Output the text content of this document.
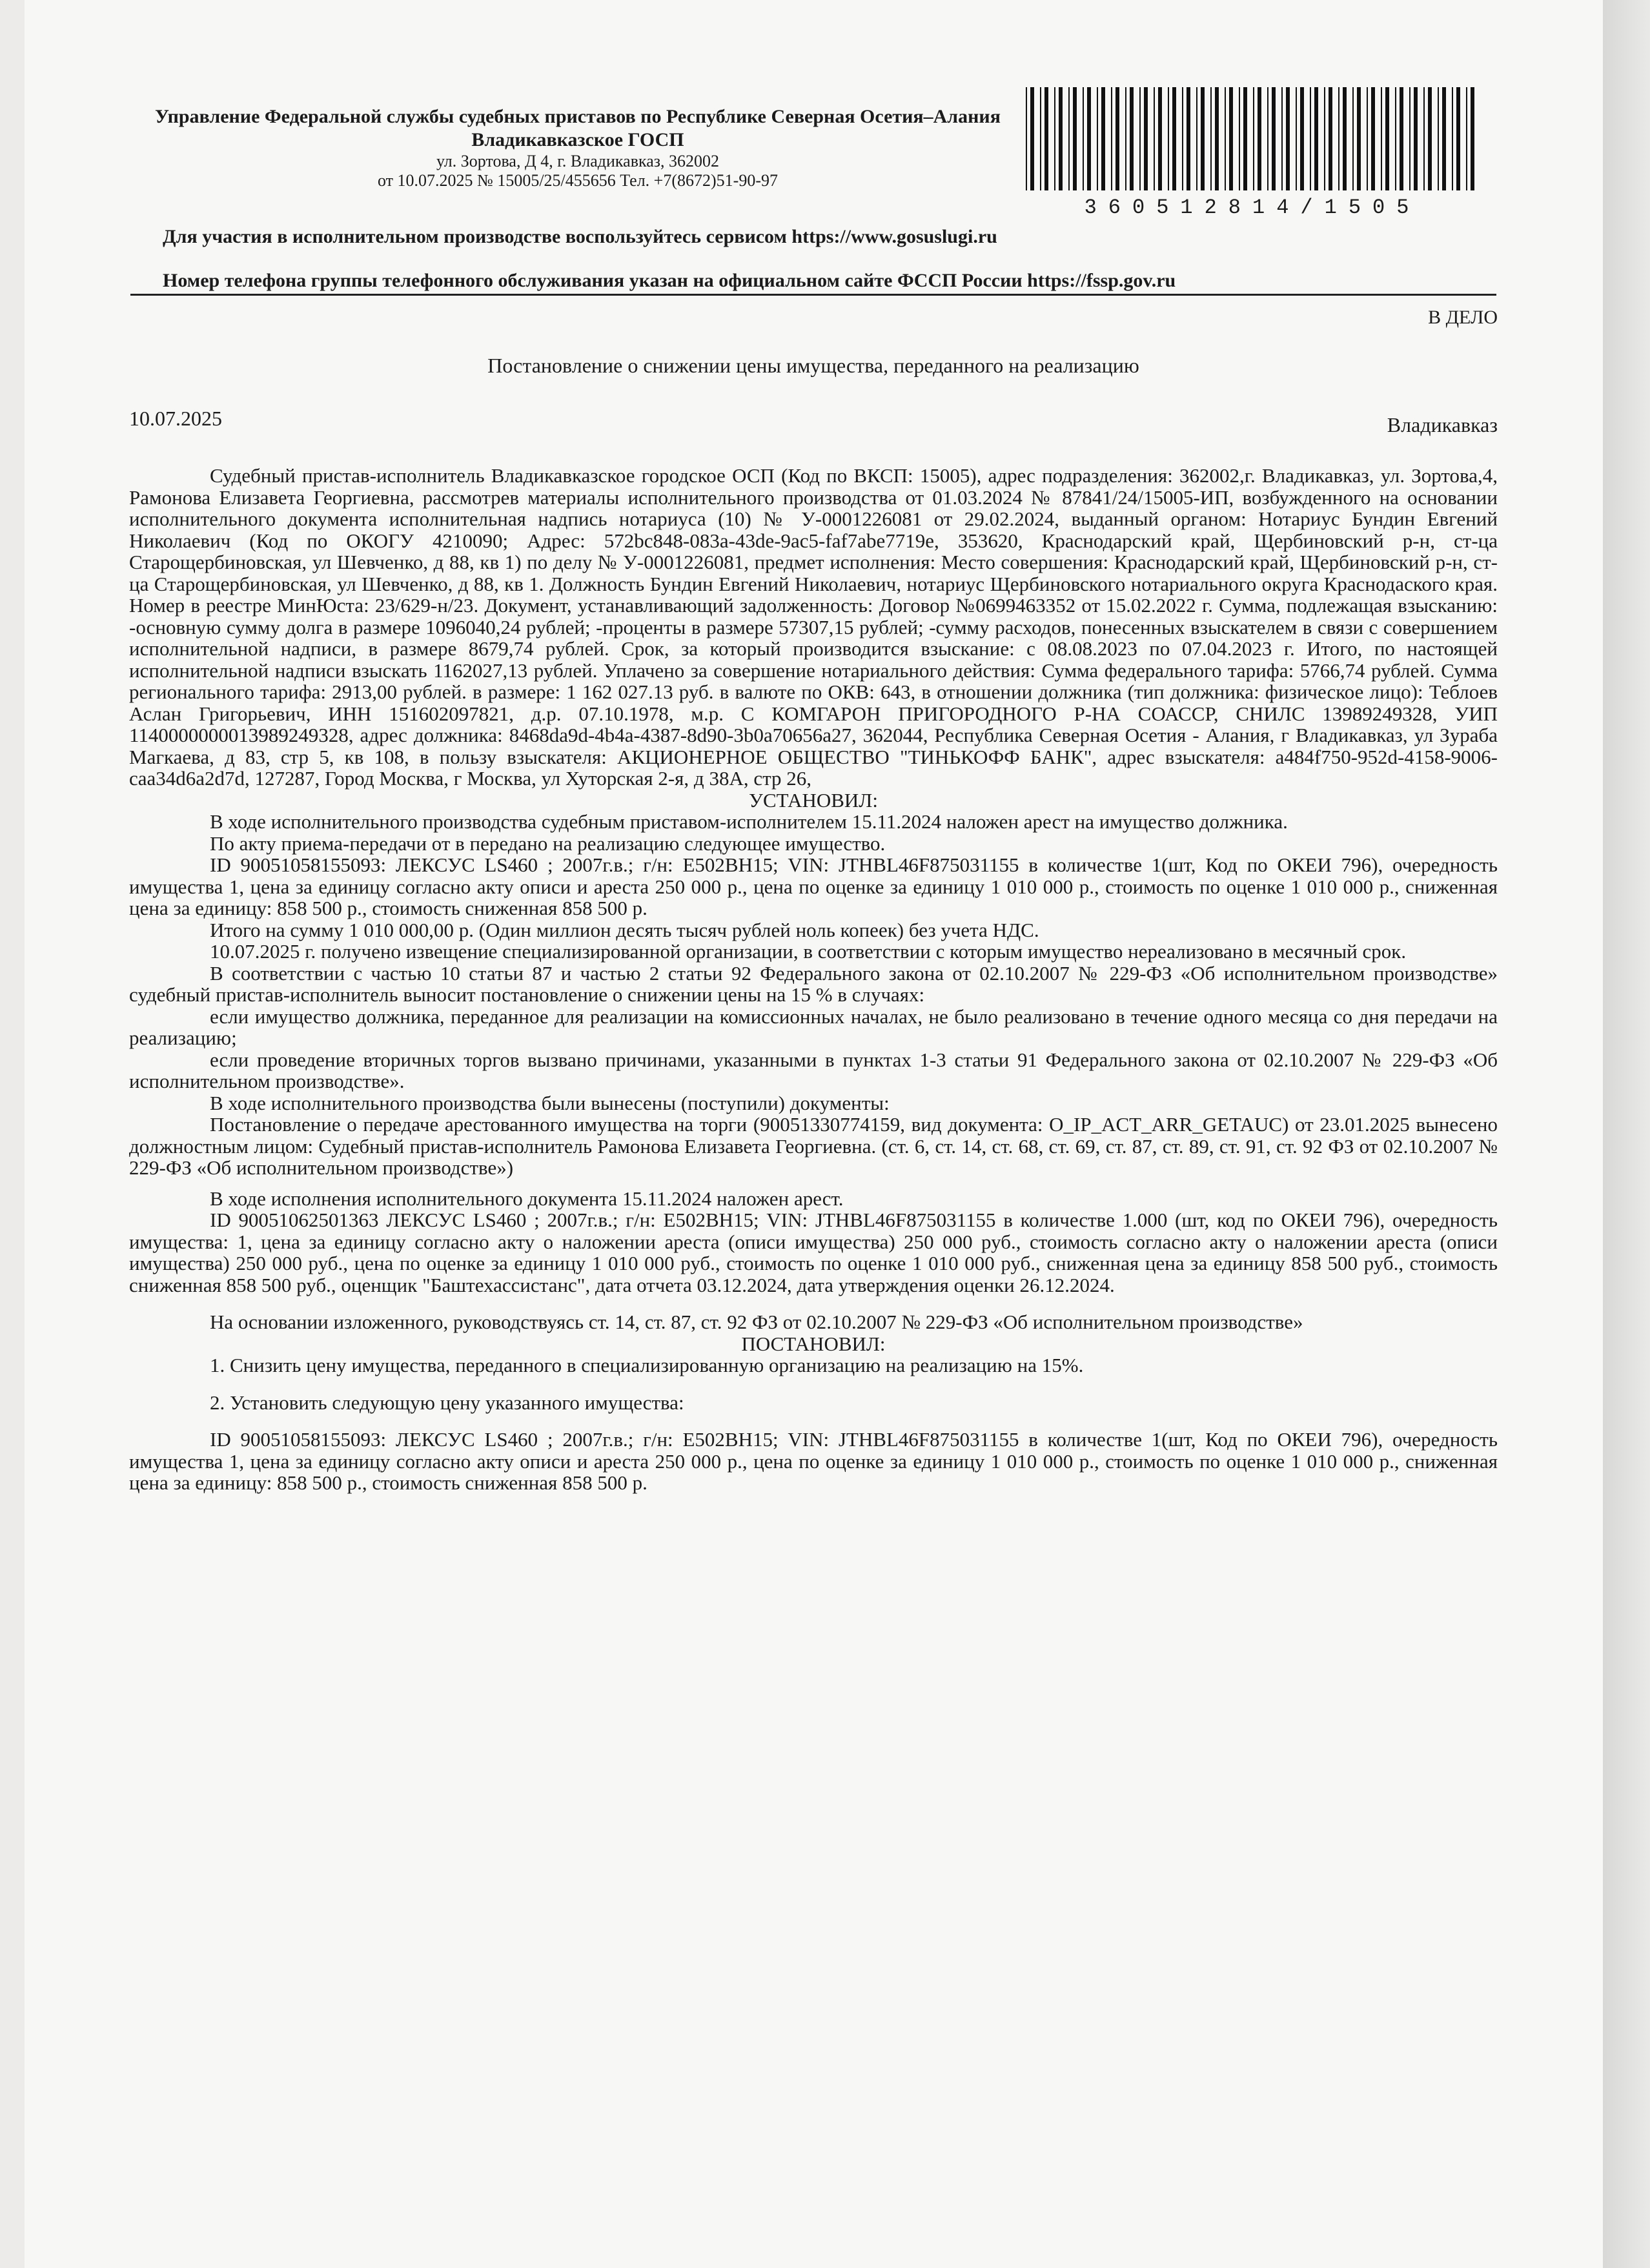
Управление Федеральной службы судебных приставов по Республике Северная Осетия–Алания
Владикавказское ГОСП
ул. Зортова, Д 4, г. Владикавказ, 362002
от 10.07.2025 № 15005/25/455656 Тел. +7(8672)51-90-97
360512814/1505
Для участия в исполнительном производстве воспользуйтесь сервисом https://www.gosuslugi.ru
Номер телефона группы телефонного обслуживания указан на официальном сайте ФССП России https://fssp.gov.ru
В ДЕЛО
Постановление о снижении цены имущества, переданного на реализацию
10.07.2025	Владикавказ

Судебный пристав-исполнитель Владикавказское городское ОСП (Код по ВКСП: 15005), адрес подразделения: 362002,г. Владикавказ, ул. Зортова,4, Рамонова Елизавета Георгиевна, рассмотрев материалы исполнительного производства от 01.03.2024 № 87841/24/15005-ИП, возбужденного на основании исполнительного документа исполнительная надпись нотариуса (10) № У-0001226081 от 29.02.2024, выданный органом: Нотариус Бундин Евгений Николаевич (Код по ОКОГУ 4210090; Адрес: 572bc848-083a-43de-9ac5-faf7abe7719e, 353620, Краснодарский край, Щербиновский р-н, ст-ца Старощербиновская, ул Шевченко, д 88, кв 1) по делу № У-0001226081, предмет исполнения: Место совершения: Краснодарский край, Щербиновский р-н, ст-ца Старощербиновская, ул Шевченко, д 88, кв 1. Должность Бундин Евгений Николаевич, нотариус Щербиновского нотариального округа Краснодаского края. Номер в реестре МинЮста: 23/629-н/23. Документ, устанавливающий задолженность: Договор №0699463352 от 15.02.2022 г. Сумма, подлежащая взысканию: -основную сумму долга в размере 1096040,24 рублей; -проценты в размере 57307,15 рублей; -сумму расходов, понесенных взыскателем в связи с совершением исполнительной надписи, в размере 8679,74 рублей. Срок, за который производится взыскание: с 08.08.2023 по 07.04.2023 г. Итого, по настоящей исполнительной надписи взыскать 1162027,13 рублей. Уплачено за совершение нотариального действия: Сумма федерального тарифа: 5766,74 рублей. Сумма регионального тарифа: 2913,00 рублей. в размере: 1 162 027.13 руб. в валюте по ОКВ: 643, в отношении должника (тип должника: физическое лицо): Теблоев Аслан Григорьевич, ИНН 151602097821, д.р. 07.10.1978, м.р. С КОМГАРОН ПРИГОРОДНОГО Р-НА СОАССР, СНИЛС 13989249328, УИП 1140000000013989249328, адрес должника: 8468da9d-4b4a-4387-8d90-3b0a70656a27, 362044, Республика Северная Осетия - Алания, г Владикавказ, ул Зураба Магкаева, д 83, стр 5, кв 108, в пользу взыскателя: АКЦИОНЕРНОЕ ОБЩЕСТВО "ТИНЬКОФФ БАНК", адрес взыскателя: a484f750-952d-4158-9006-caa34d6a2d7d, 127287, Город Москва, г Москва, ул Хуторская 2-я, д 38А, стр 26,

УСТАНОВИЛ:

В ходе исполнительного производства судебным приставом-исполнителем 15.11.2024 наложен арест на имущество должника.

По акту приема-передачи от в передано на реализацию следующее имущество.

ID 90051058155093: ЛЕКСУС LS460 ; 2007г.в.; г/н: Е502ВН15; VIN: JTHBL46F875031155 в количестве 1(шт, Код по ОКЕИ 796), очередность имущества 1, цена за единицу согласно акту описи и ареста 250 000 р., цена по оценке за единицу 1 010 000 р., стоимость по оценке 1 010 000 р., сниженная цена за единицу: 858 500 р., стоимость сниженная 858 500 р.

Итого на сумму 1 010 000,00 р. (Один миллион десять тысяч рублей ноль копеек) без учета НДС.

10.07.2025 г. получено извещение специализированной организации, в соответствии с которым имущество нереализовано в месячный срок.

В соответствии с частью 10 статьи 87 и частью 2 статьи 92 Федерального закона от 02.10.2007 № 229-ФЗ «Об исполнительном производстве» судебный пристав-исполнитель выносит постановление о снижении цены на 15 % в случаях:

если имущество должника, переданное для реализации на комиссионных началах, не было реализовано в течение одного месяца со дня передачи на реализацию;

если проведение вторичных торгов вызвано причинами, указанными в пунктах 1-3 статьи 91 Федерального закона от 02.10.2007 № 229-ФЗ «Об исполнительном производстве».

В ходе исполнительного производства были вынесены (поступили) документы:

Постановление о передаче арестованного имущества на торги (90051330774159, вид документа: O_IP_ACT_ARR_GETAUC) от 23.01.2025 вынесено должностным лицом: Судебный пристав-исполнитель Рамонова Елизавета Георгиевна. (ст. 6, ст. 14, ст. 68, ст. 69, ст. 87, ст. 89, ст. 91, ст. 92 ФЗ от 02.10.2007 № 229-ФЗ «Об исполнительном производстве»)

В ходе исполнения исполнительного документа 15.11.2024 наложен арест.

ID 90051062501363 ЛЕКСУС LS460 ; 2007г.в.; г/н: Е502ВН15; VIN: JTHBL46F875031155 в количестве 1.000 (шт, код по ОКЕИ 796), очередность имущества: 1, цена за единицу согласно акту о наложении ареста (описи имущества) 250 000 руб., стоимость согласно акту о наложении ареста (описи имущества) 250 000 руб., цена по оценке за единицу 1 010 000 руб., стоимость по оценке 1 010 000 руб., сниженная цена за единицу 858 500 руб., стоимость сниженная 858 500 руб., оценщик "Баштехассистанс", дата отчета 03.12.2024, дата утверждения оценки 26.12.2024.

На основании изложенного, руководствуясь ст. 14, ст. 87, ст. 92 ФЗ от 02.10.2007 № 229-ФЗ «Об исполнительном производстве»

ПОСТАНОВИЛ:

1. Снизить цену имущества, переданного в специализированную организацию на реализацию на 15%.

2. Установить следующую цену указанного имущества:

ID 90051058155093: ЛЕКСУС LS460 ; 2007г.в.; г/н: Е502ВН15; VIN: JTHBL46F875031155 в количестве 1(шт, Код по ОКЕИ 796), очередность имущества 1, цена за единицу согласно акту описи и ареста 250 000 р., цена по оценке за единицу 1 010 000 р., стоимость по оценке 1 010 000 р., сниженная цена за единицу: 858 500 р., стоимость сниженная 858 500 р.
